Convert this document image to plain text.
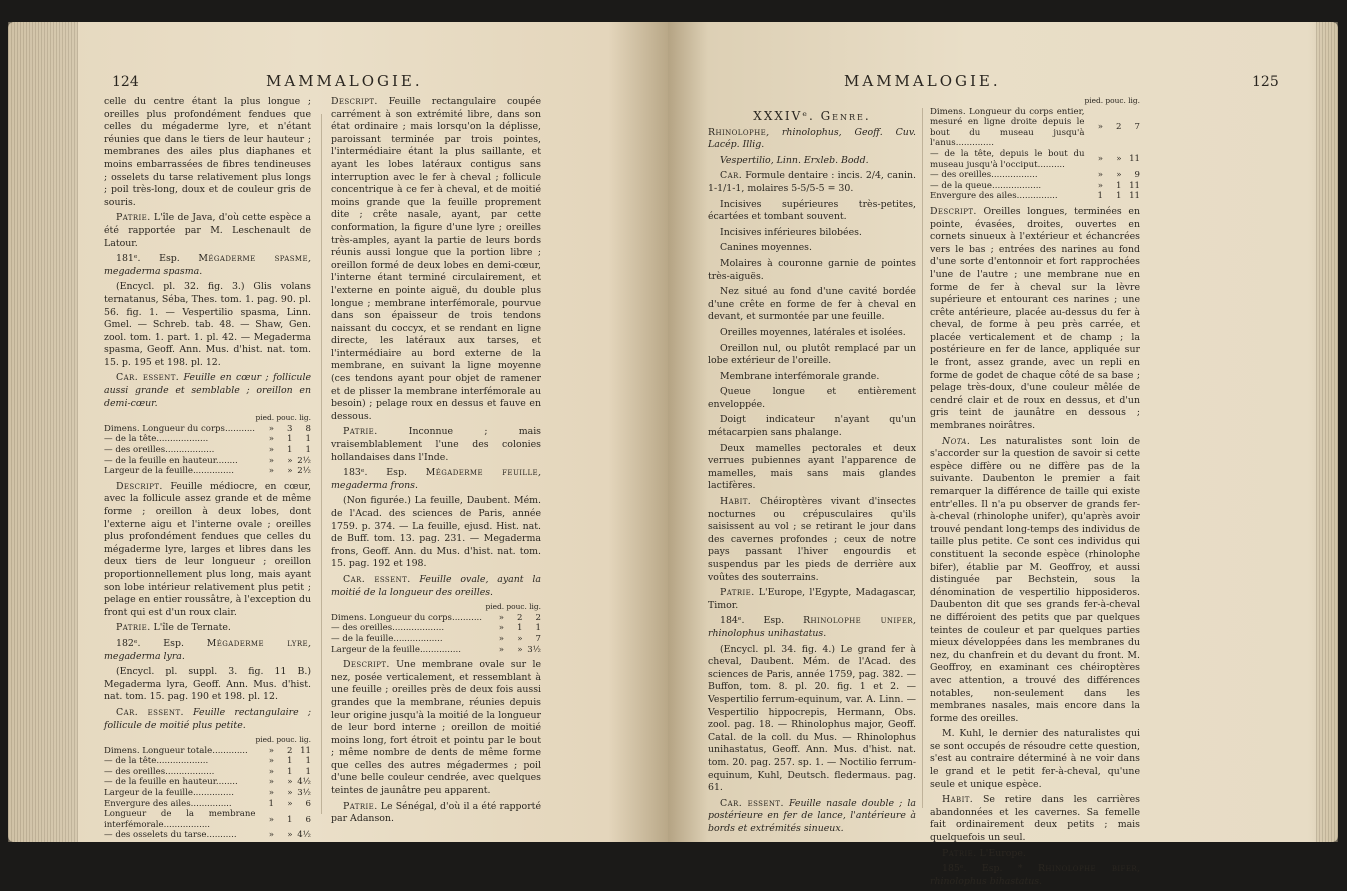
124	MAMMALOGIE.

celle du centre étant la plus longue ; oreilles plus profondément fendues que celles du mégaderme lyre, et n'étant réunies que dans le tiers de leur hauteur ; membranes des ailes plus diaphanes et moins embarrassées de fibres tendineuses ; osselets du tarse relativement plus longs ; poil très-long, doux et de couleur gris de souris.

Patrie. L'île de Java, d'où cette espèce a été rapportée par M. Leschenault de Latour.

181ᵉ. Esp. Mégaderme spasme, megaderma spasma.

(Encycl. pl. 32. fig. 3.) Glis volans ternatanus, Séba, Thes. tom. 1. pag. 90. pl. 56. fig. 1. — Vespertilio spasma, Linn. Gmel. — Schreb. tab. 48. — Shaw, Gen. zool. tom. 1. part. 1. pl. 42. — Megaderma spasma, Geoff. Ann. Mus. d'hist. nat. tom. 15. p. 195 et 198. pl. 12.

Car. essent. Feuille en cœur ; follicule aussi grande et semblable ; oreillon en demi-cœur.

	pied. pouc. lig.		
Dimens. Longueur du corps...........	»	3	8
— de la tête...................	»	1	1
— des oreilles..................	»	1	1
— de la feuille en hauteur........	»	»	2½
Largeur de la feuille...............	»	»	2½

Descript. Feuille médiocre, en cœur, avec la follicule assez grande et de même forme ; oreillon à deux lobes, dont l'externe aigu et l'interne ovale ; oreilles plus profondément fendues que celles du mégaderme lyre, larges et libres dans les deux tiers de leur longueur ; oreillon proportionnellement plus long, mais ayant son lobe intérieur relativement plus petit ; pelage en entier roussâtre, à l'exception du front qui est d'un roux clair.

Patrie. L'île de Ternate.

182ᵉ. Esp. Mégaderme lyre, megaderma lyra.

(Encycl. pl. suppl. 3. fig. 11 B.) Megaderma lyra, Geoff. Ann. Mus. d'hist. nat. tom. 15. pag. 190 et 198. pl. 12.

Car. essent. Feuille rectangulaire ; follicule de moitié plus petite.

	pied. pouc. lig.		
Dimens. Longueur totale.............	»	2	11
— de la tête...................	»	1	1
— des oreilles..................	»	1	1
— de la feuille en hauteur........	»	»	4½
Largeur de la feuille...............	»	»	3½
Envergure des ailes...............	1	»	6
Longueur de la membrane interfémorale.................	»	1	6
— des osselets du tarse...........	»	»	4½

Descript. Feuille rectangulaire coupée carrément à son extrémité libre, dans son état ordinaire ; mais lorsqu'on la déplisse, paroissant terminée par trois pointes, l'intermédiaire étant la plus saillante, et ayant les lobes latéraux contigus sans interruption avec le fer à cheval ; follicule concentrique à ce fer à cheval, et de moitié moins grande que la feuille proprement dite ; crête nasale, ayant, par cette conformation, la figure d'une lyre ; oreilles très-amples, ayant la partie de leurs bords réunis aussi longue que la portion libre ; oreillon formé de deux lobes en demi-cœur, l'interne étant terminé circulairement, et l'externe en pointe aiguë, du double plus longue ; membrane interfémorale, pourvue dans son épaisseur de trois tendons naissant du coccyx, et se rendant en ligne directe, les latéraux aux tarses, et l'intermédiaire au bord externe de la membrane, en suivant la ligne moyenne (ces tendons ayant pour objet de ramener et de plisser la membrane interfémorale au besoin) ; pelage roux en dessus et fauve en dessous.

Patrie. Inconnue ; mais vraisemblablement l'une des colonies hollandaises dans l'Inde.

183ᵉ. Esp. Mégaderme feuille, megaderma frons.

(Non figurée.) La feuille, Daubent. Mém. de l'Acad. des sciences de Paris, année 1759. p. 374. — La feuille, ejusd. Hist. nat. de Buff. tom. 13. pag. 231. — Megaderma frons, Geoff. Ann. du Mus. d'hist. nat. tom. 15. pag. 192 et 198.

Car. essent. Feuille ovale, ayant la moitié de la longueur des oreilles.

	pied. pouc. lig.		
Dimens. Longueur du corps...........	»	2	2
— des oreilles...................	»	1	1
— de la feuille..................	»	»	7
Largeur de la feuille...............	»	»	3½

Descript. Une membrane ovale sur le nez, posée verticalement, et ressemblant à une feuille ; oreilles près de deux fois aussi grandes que la membrane, réunies depuis leur origine jusqu'à la moitié de la longueur de leur bord interne ; oreillon de moitié moins long, fort étroit et pointu par le bout ; même nombre de dents de même forme que celles des autres mégadermes ; poil d'une belle couleur cendrée, avec quelques teintes de jaunâtre peu apparent.

Patrie. Le Sénégal, d'où il a été rapporté par Adanson.

MAMMALOGIE.	125
XXXIVᵉ. Genre.

Rhinolophe, rhinolophus, Geoff. Cuv. Lacép. Illig.

Vespertilio, Linn. Erxleb. Bodd.

Car. Formule dentaire : incis. 2/4, canin. 1-1/1-1, molaires 5-5/5-5 = 30.

Incisives supérieures très-petites, écartées et tombant souvent.

Incisives inférieures bilobées.

Canines moyennes.

Molaires à couronne garnie de pointes très-aiguës.

Nez situé au fond d'une cavité bordée d'une crête en forme de fer à cheval en devant, et surmontée par une feuille.

Oreilles moyennes, latérales et isolées.

Oreillon nul, ou plutôt remplacé par un lobe extérieur de l'oreille.

Membrane interfémorale grande.

Queue longue et entièrement enveloppée.

Doigt indicateur n'ayant qu'un métacarpien sans phalange.

Deux mamelles pectorales et deux verrues pubiennes ayant l'apparence de mamelles, mais sans mais glandes lactifères.

Habit. Chéiroptères vivant d'insectes nocturnes ou crépusculaires qu'ils saisissent au vol ; se retirant le jour dans des cavernes profondes ; ceux de notre pays passant l'hiver engourdis et suspendus par les pieds de derrière aux voûtes des souterrains.

Patrie. L'Europe, l'Egypte, Madagascar, Timor.

184ᵉ. Esp. Rhinolophe unifer, rhinolophus unihastatus.

(Encycl. pl. 34. fig. 4.) Le grand fer à cheval, Daubent. Mém. de l'Acad. des sciences de Paris, année 1759, pag. 382. — Buffon, tom. 8. pl. 20. fig. 1 et 2. — Vespertilio ferrum-equinum, var. A. Linn. — Vespertilio hippocrepis, Hermann, Obs. zool. pag. 18. — Rhinolophus major, Geoff. Catal. de la coll. du Mus. — Rhinolophus unihastatus, Geoff. Ann. Mus. d'hist. nat. tom. 20. pag. 257. sp. 1. — Noctilio ferrum-equinum, Kuhl, Deutsch. fledermaus. pag. 61.

Car. essent. Feuille nasale double ; la postérieure en fer de lance, l'antérieure à bords et extrémités sinueux.

	pied. pouc. lig.		
Dimens. Longueur du corps entier, mesuré en ligne droite depuis le bout du museau jusqu'à l'anus..............	»	2	7
— de la tête, depuis le bout du museau jusqu'à l'occiput..........	»	»	11
— des oreilles.................	»	»	9
— de la queue..................	»	1	11
Envergure des ailes...............	1	1	11

Descript. Oreilles longues, terminées en pointe, évasées, droites, ouvertes en cornets sinueux à l'extérieur et échancrées vers le bas ; entrées des narines au fond d'une sorte d'entonnoir et fort rapprochées l'une de l'autre ; une membrane nue en forme de fer à cheval sur la lèvre supérieure et entourant ces narines ; une crête antérieure, placée au-dessus du fer à cheval, de forme à peu près carrée, et placée verticalement et de champ ; la postérieure en fer de lance, appliquée sur le front, assez grande, avec un repli en forme de godet de chaque côté de sa base ; pelage très-doux, d'une couleur mêlée de cendré clair et de roux en dessus, et d'un gris teint de jaunâtre en dessous ; membranes noirâtres.

Nota. Les naturalistes sont loin de s'accorder sur la question de savoir si cette espèce diffère ou ne diffère pas de la suivante. Daubenton le premier a fait remarquer la différence de taille qui existe entr'elles. Il n'a pu observer de grands fer-à-cheval (rhinolophe unifer), qu'après avoir trouvé pendant long-temps des individus de taille plus petite. Ce sont ces individus qui constituent la seconde espèce (rhinolophe bifer), établie par M. Geoffroy, et aussi distinguée par Bechstein, sous la dénomination de vespertilio hipposideros. Daubenton dit que ses grands fer-à-cheval ne différoient des petits que par quelques teintes de couleur et par quelques parties mieux développées dans les membranes du nez, du chanfrein et du devant du front. M. Geoffroy, en examinant ces chéiroptères avec attention, a trouvé des différences notables, non-seulement dans les membranes nasales, mais encore dans la forme des oreilles.

M. Kuhl, le dernier des naturalistes qui se sont occupés de résoudre cette question, s'est au contraire déterminé à ne voir dans le grand et le petit fer-à-cheval, qu'une seule et unique espèce.

Habit. Se retire dans les carrières abandonnées et les cavernes. Sa femelle fait ordinairement deux petits ; mais quelquefois un seul.

Patrie. L'Europe.

185ᵉ. Esp. * Rhinolophe bifer, rhinolophus bihastatus.
